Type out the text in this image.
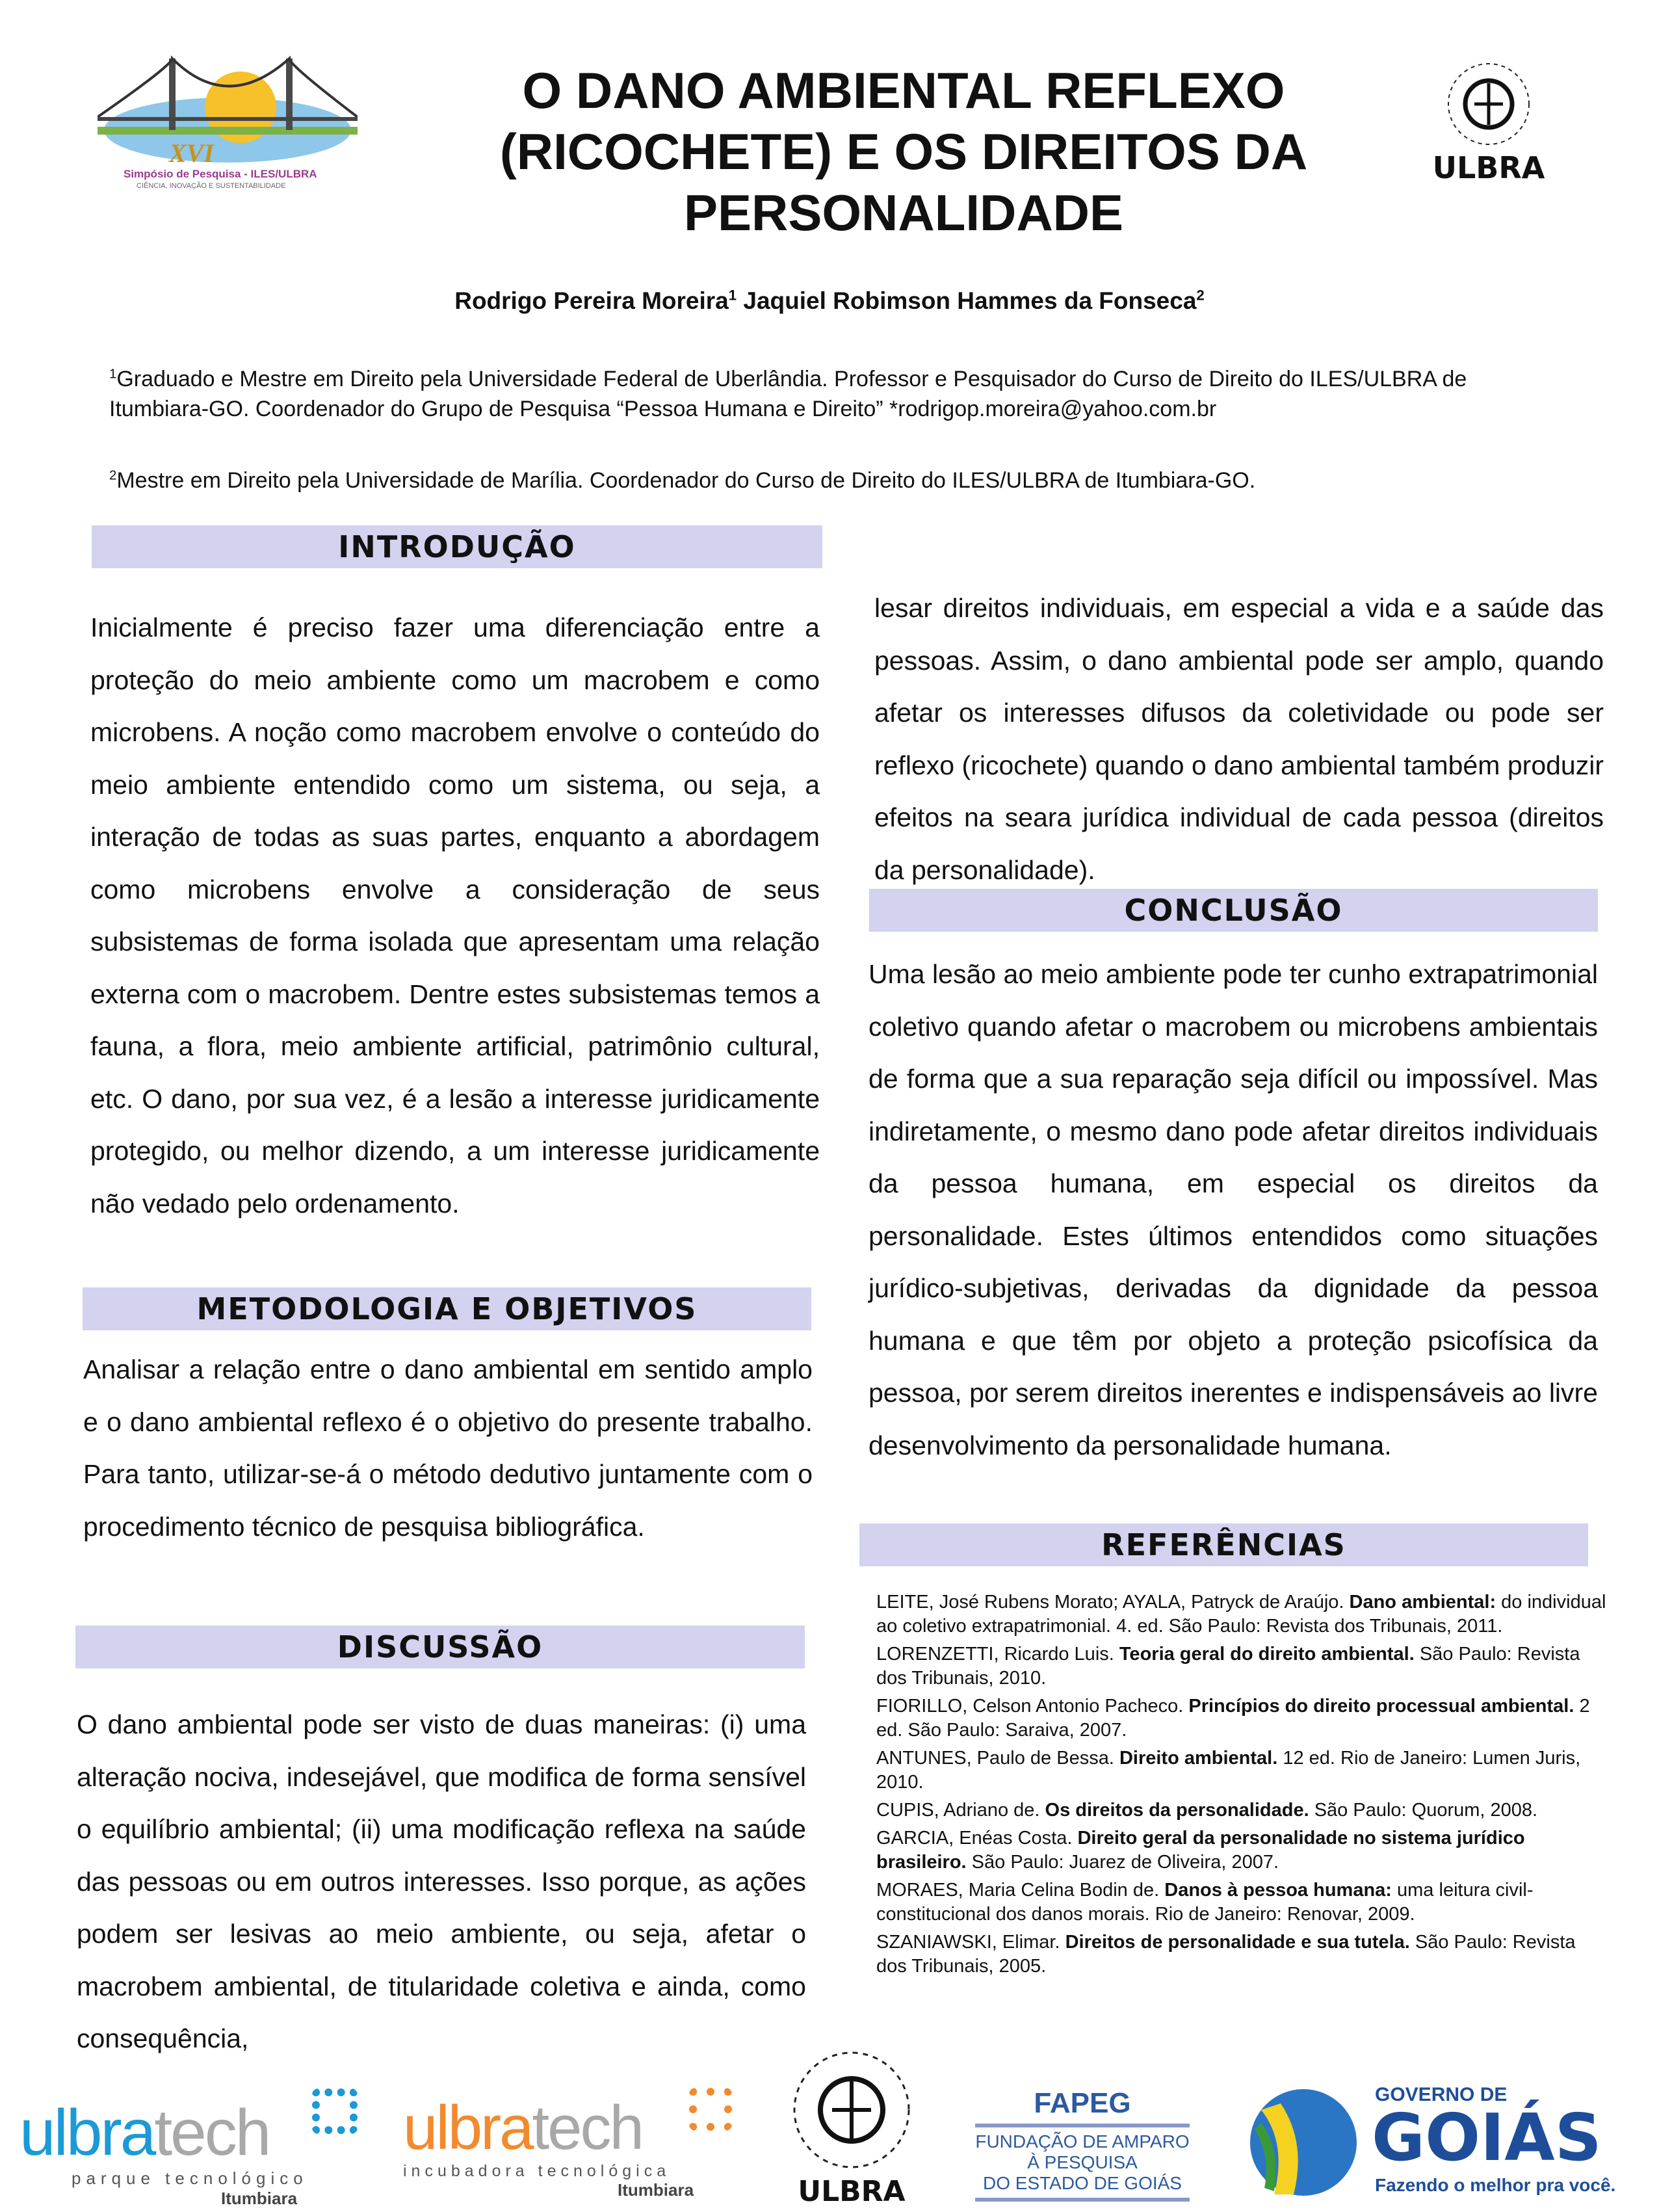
XVI
Simpósio de Pesquisa - ILES/ULBRA
CIÊNCIA, INOVAÇÃO E SUSTENTABILIDADE
ULBRA
O DANO AMBIENTAL REFLEXO (RICOCHETE) E OS DIREITOS DA PERSONALIDADE
Rodrigo Pereira Moreira$^1$ Jaquiel Robimson Hammes da Fonseca$^2$
$^1$Graduado e Mestre em Direito pela Universidade Federal de Uberlândia. Professor e Pesquisador do Curso de Direito do ILES/ULBRA de Itumbiara-GO. Coordenador do Grupo de Pesquisa “Pessoa Humana e Direito” *rodrigop.moreira@yahoo.com.br
$^2$Mestre em Direito pela Universidade de Marília. Coordenador do Curso de Direito do ILES/ULBRA de Itumbiara-GO.
INTRODUÇÃO
Inicialmente é preciso fazer uma diferenciação entre a proteção do meio ambiente como um macrobem e como microbens. A noção como macrobem envolve o conteúdo do meio ambiente entendido como um sistema, ou seja, a interação de todas as suas partes, enquanto a abordagem como microbens envolve a consideração de seus subsistemas de forma isolada que apresentam uma relação externa com o macrobem. Dentre estes subsistemas temos a fauna, a flora, meio ambiente artificial, patrimônio cultural, etc. O dano, por sua vez, é a lesão a interesse juridicamente protegido, ou melhor dizendo, a um interesse juridicamente não vedado pelo ordenamento.
METODOLOGIA E OBJETIVOS
Analisar a relação entre o dano ambiental em sentido amplo e o dano ambiental reflexo é o objetivo do presente trabalho. Para tanto, utilizar-se-á o método dedutivo juntamente com o procedimento técnico de pesquisa bibliográfica.
DISCUSSÃO
O dano ambiental pode ser visto de duas maneiras: (i) uma alteração nociva, indesejável, que modifica de forma sensível o equilíbrio ambiental; (ii) uma modificação reflexa na saúde das pessoas ou em outros interesses. Isso porque, as ações podem ser lesivas ao meio ambiente, ou seja, afetar o macrobem ambiental, de titularidade coletiva e ainda, como consequência,
lesar direitos individuais, em especial a vida e a saúde das pessoas. Assim, o dano ambiental pode ser amplo, quando afetar os interesses difusos da coletividade ou pode ser reflexo (ricochete) quando o dano ambiental também produzir efeitos na seara jurídica individual de cada pessoa (direitos da personalidade).
CONCLUSÃO
Uma lesão ao meio ambiente pode ter cunho extrapatrimonial coletivo quando afetar o macrobem ou microbens ambientais de forma que a sua reparação seja difícil ou impossível. Mas indiretamente, o mesmo dano pode afetar direitos individuais da pessoa humana, em especial os direitos da personalidade. Estes últimos entendidos como situações jurídico-subjetivas, derivadas da dignidade da pessoa humana e que têm por objeto a proteção psicofísica da pessoa, por serem direitos inerentes e indispensáveis ao livre desenvolvimento da personalidade humana.
REFERÊNCIAS

LEITE, José Rubens Morato; AYALA, Patryck de Araújo. Dano ambiental: do individual ao coletivo extrapatrimonial. 4. ed. São Paulo: Revista dos Tribunais, 2011.

LORENZETTI, Ricardo Luis. Teoria geral do direito ambiental. São Paulo: Revista dos Tribunais, 2010.

FIORILLO, Celson Antonio Pacheco. Princípios do direito processual ambiental. 2 ed. São Paulo: Saraiva, 2007.

ANTUNES, Paulo de Bessa. Direito ambiental. 12 ed. Rio de Janeiro: Lumen Juris, 2010.

CUPIS, Adriano de. Os direitos da personalidade. São Paulo: Quorum, 2008.

GARCIA, Enéas Costa. Direito geral da personalidade no sistema jurídico brasileiro. São Paulo: Juarez de Oliveira, 2007.

MORAES, Maria Celina Bodin de. Danos à pessoa humana: uma leitura civil-constitucional dos danos morais. Rio de Janeiro: Renovar, 2009.

SZANIAWSKI, Elimar. Direitos de personalidade e sua tutela. São Paulo: Revista dos Tribunais, 2005.

ulbratech
parque tecnológico
Itumbiara
ulbratech
incubadora tecnológica
Itumbiara	ULBRA
FAPEG
FUNDAÇÃO DE AMPARO
À PESQUISA
DO ESTADO DE GOIÁS
GOVERNO DE
GOIÁS
Fazendo o melhor pra você.
